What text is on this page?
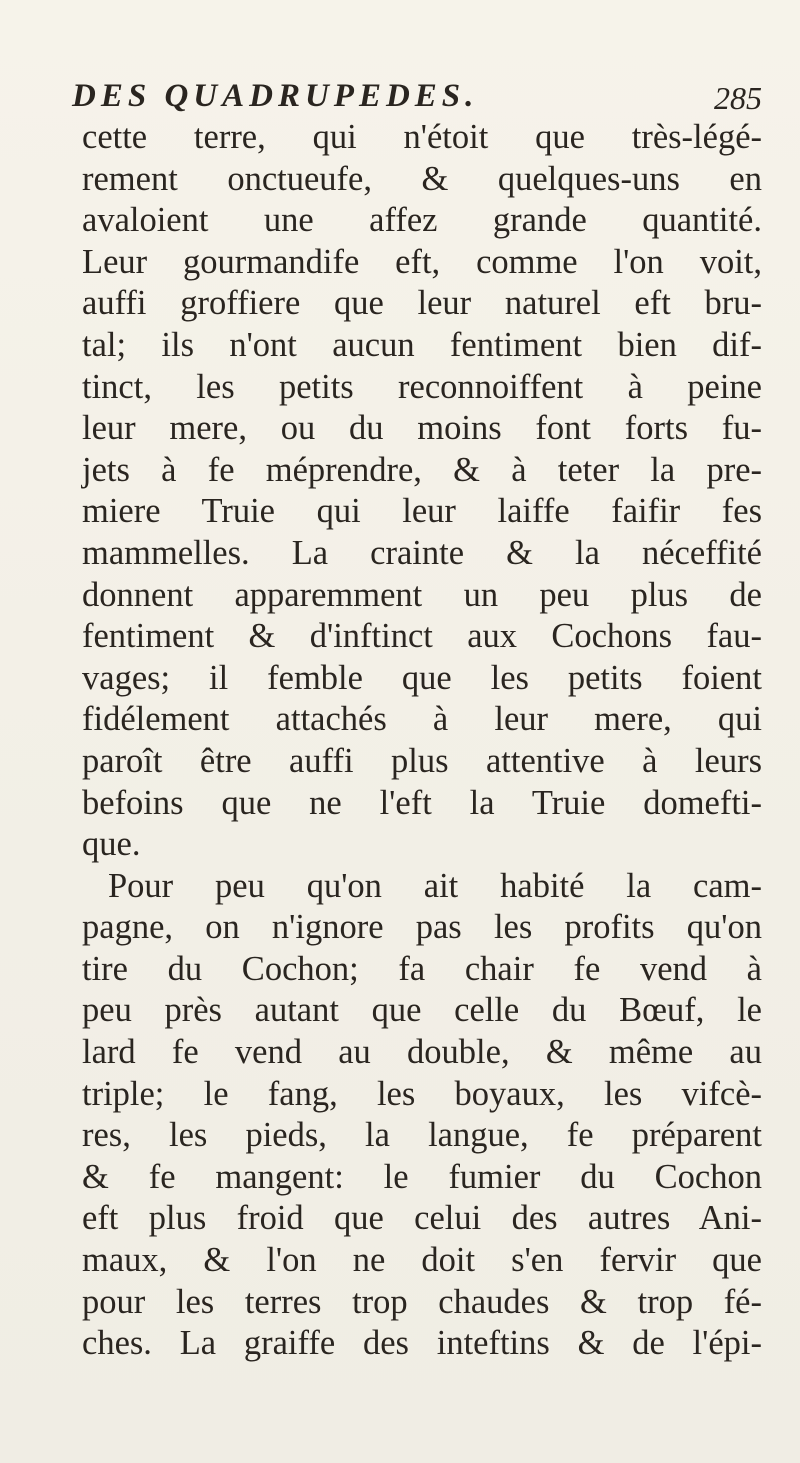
DES QUADRUPEDES.	285
cette terre, qui n'étoit que très-légé-
rement onctueufe, & quelques-uns en
avaloient une affez grande quantité.
Leur gourmandife eft, comme l'on voit,
auffi groffiere que leur naturel eft bru-
tal; ils n'ont aucun fentiment bien dif-
tinct, les petits reconnoiffent à peine
leur mere, ou du moins font forts fu-
jets à fe méprendre, & à teter la pre-
miere Truie qui leur laiffe faifir fes
mammelles. La crainte & la néceffité
donnent apparemment un peu plus de
fentiment & d'inftinct aux Cochons fau-
vages; il femble que les petits foient
fidélement attachés à leur mere, qui
paroît être auffi plus attentive à leurs
befoins que ne l'eft la Truie domefti-
que.
Pour peu qu'on ait habité la cam-
pagne, on n'ignore pas les profits qu'on
tire du Cochon; fa chair fe vend à
peu près autant que celle du Bœuf, le
lard fe vend au double, & même au
triple; le fang, les boyaux, les vifcè-
res, les pieds, la langue, fe préparent
& fe mangent: le fumier du Cochon
eft plus froid que celui des autres Ani-
maux, & l'on ne doit s'en fervir que
pour les terres trop chaudes & trop fé-
ches. La graiffe des inteftins & de l'épi-
